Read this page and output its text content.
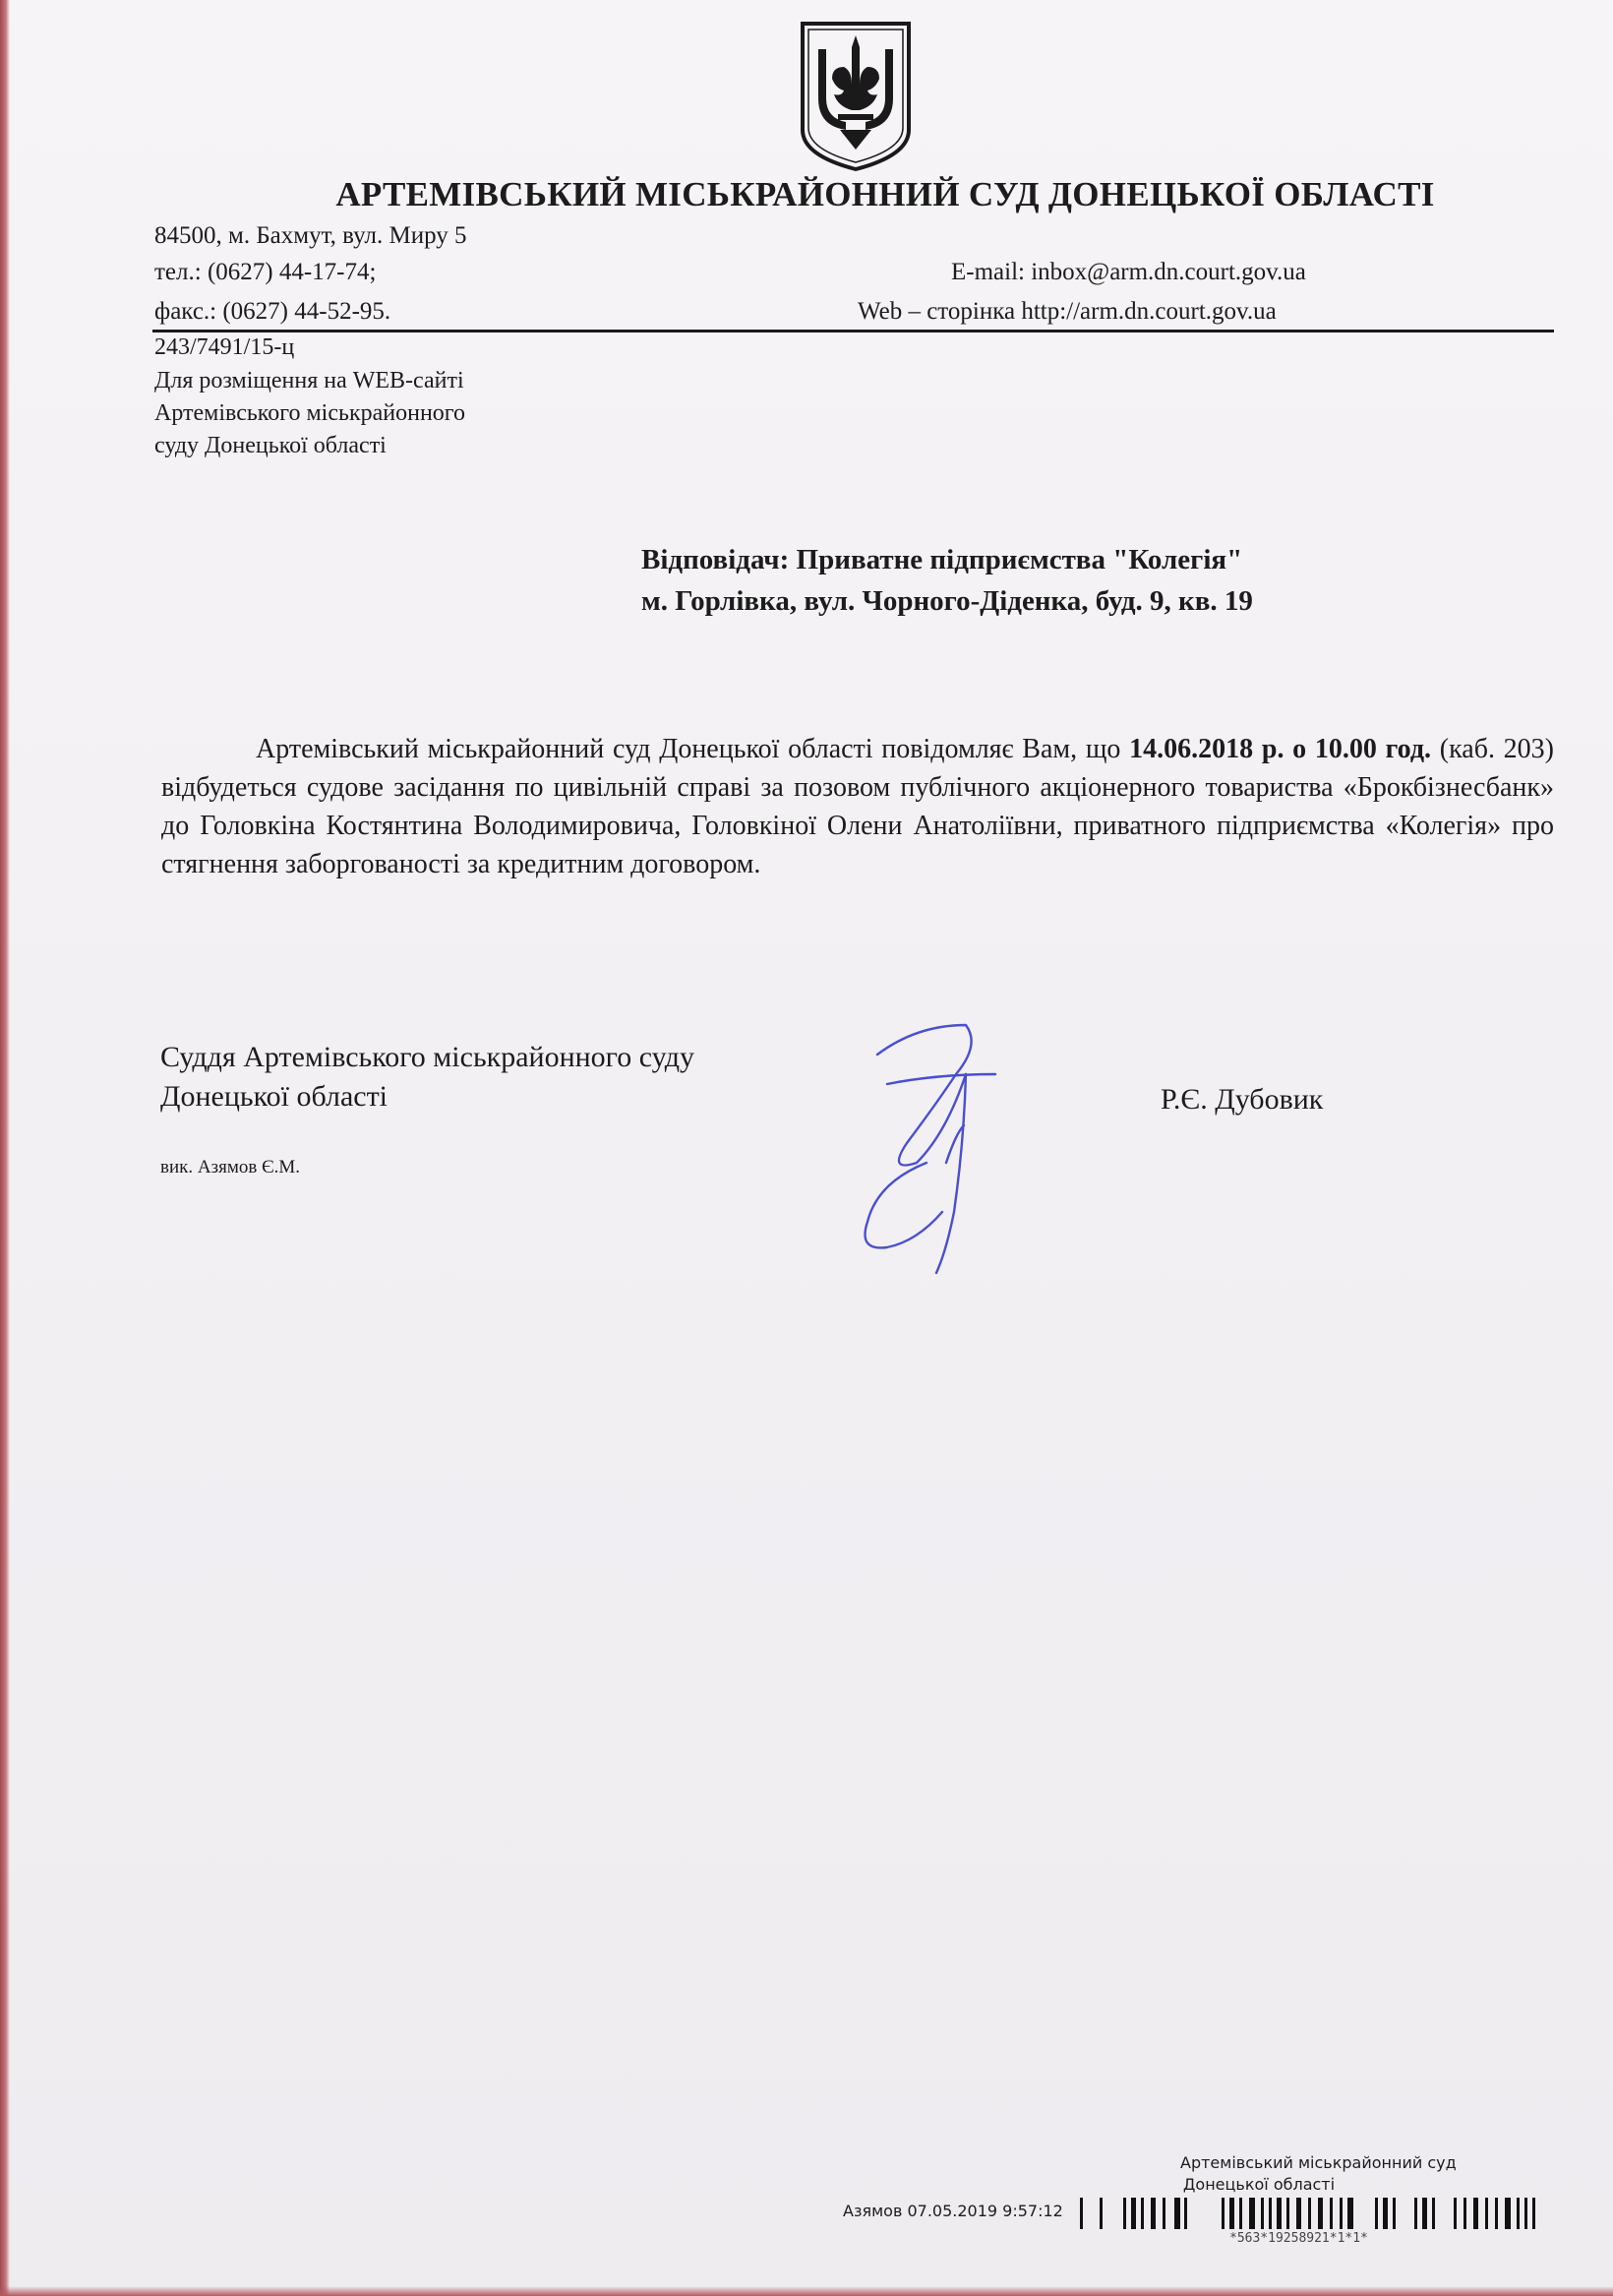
АРТЕМІВСЬКИЙ МІСЬКРАЙОННИЙ СУД ДОНЕЦЬКОЇ ОБЛАСТІ
84500, м. Бахмут, вул. Миру 5
тел.: (0627) 44-17-74;
факс.: (0627) 44-52-95.
E-mail: inbox@arm.dn.court.gov.ua
Web – сторінка http://arm.dn.court.gov.ua
243/7491/15-ц
Для розміщення на WEB-сайті
Артемівського міськрайонного
суду Донецької області
Відповідач: Приватне підприємства "Колегія"
м. Горлівка, вул. Чорного-Діденка, буд. 9, кв. 19
Артемівський міськрайонний суд Донецької області повідомляє Вам, що 14.06.2018 р. о 10.00 год. (каб. 203) відбудеться судове засідання по цивільній справі за позовом публічного акціонерного товариства «Брокбізнесбанк» до Головкіна Костянтина Володимировича, Головкіної Олени Анатоліївни, приватного підприємства «Колегія» про стягнення заборгованості за кредитним договором.
Суддя Артемівського міськрайонного суду
Донецької області	Р.Є. Дубовик
вик. Азямов Є.М.
Артемівський міськрайонний суд
Донецької області
Азямов 07.05.2019 9:57:12
*563*19258921*1*1*
